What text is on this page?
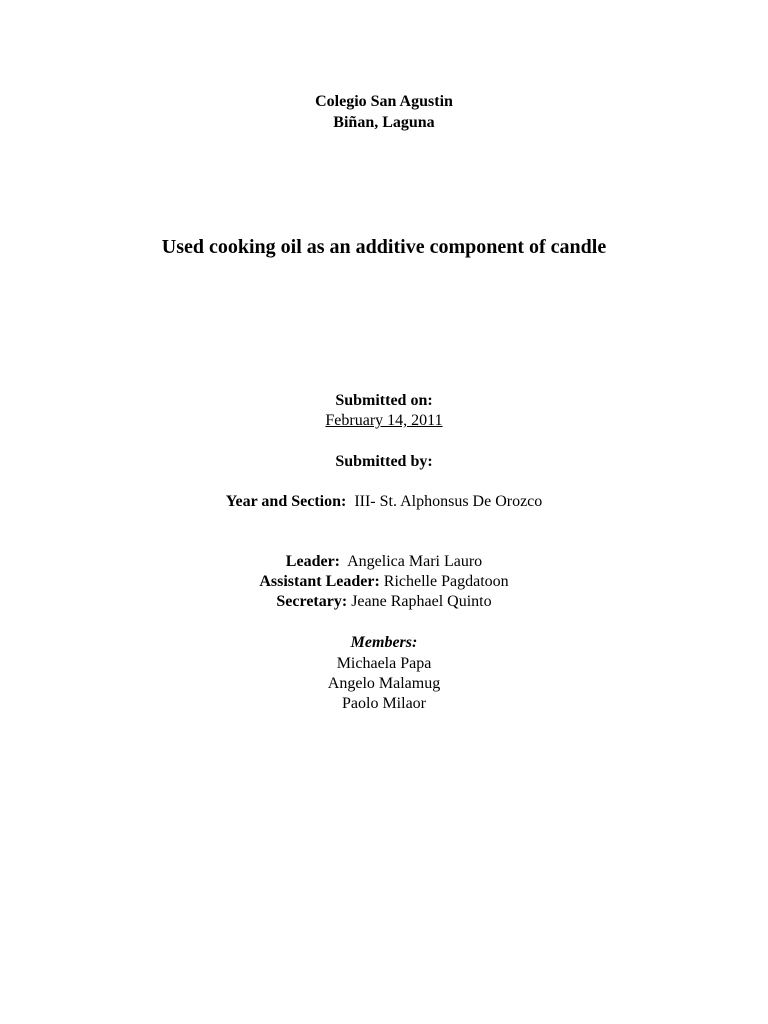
Colegio San Agustin
Biñan, Laguna
Used cooking oil as an additive component of candle
Submitted on:
February 14, 2011
Submitted by:
Year and Section: III- St. Alphonsus De Orozco
Leader: Angelica Mari Lauro
Assistant Leader: Richelle Pagdatoon
Secretary: Jeane Raphael Quinto
Members:
Michaela Papa
Angelo Malamug
Paolo Milaor
